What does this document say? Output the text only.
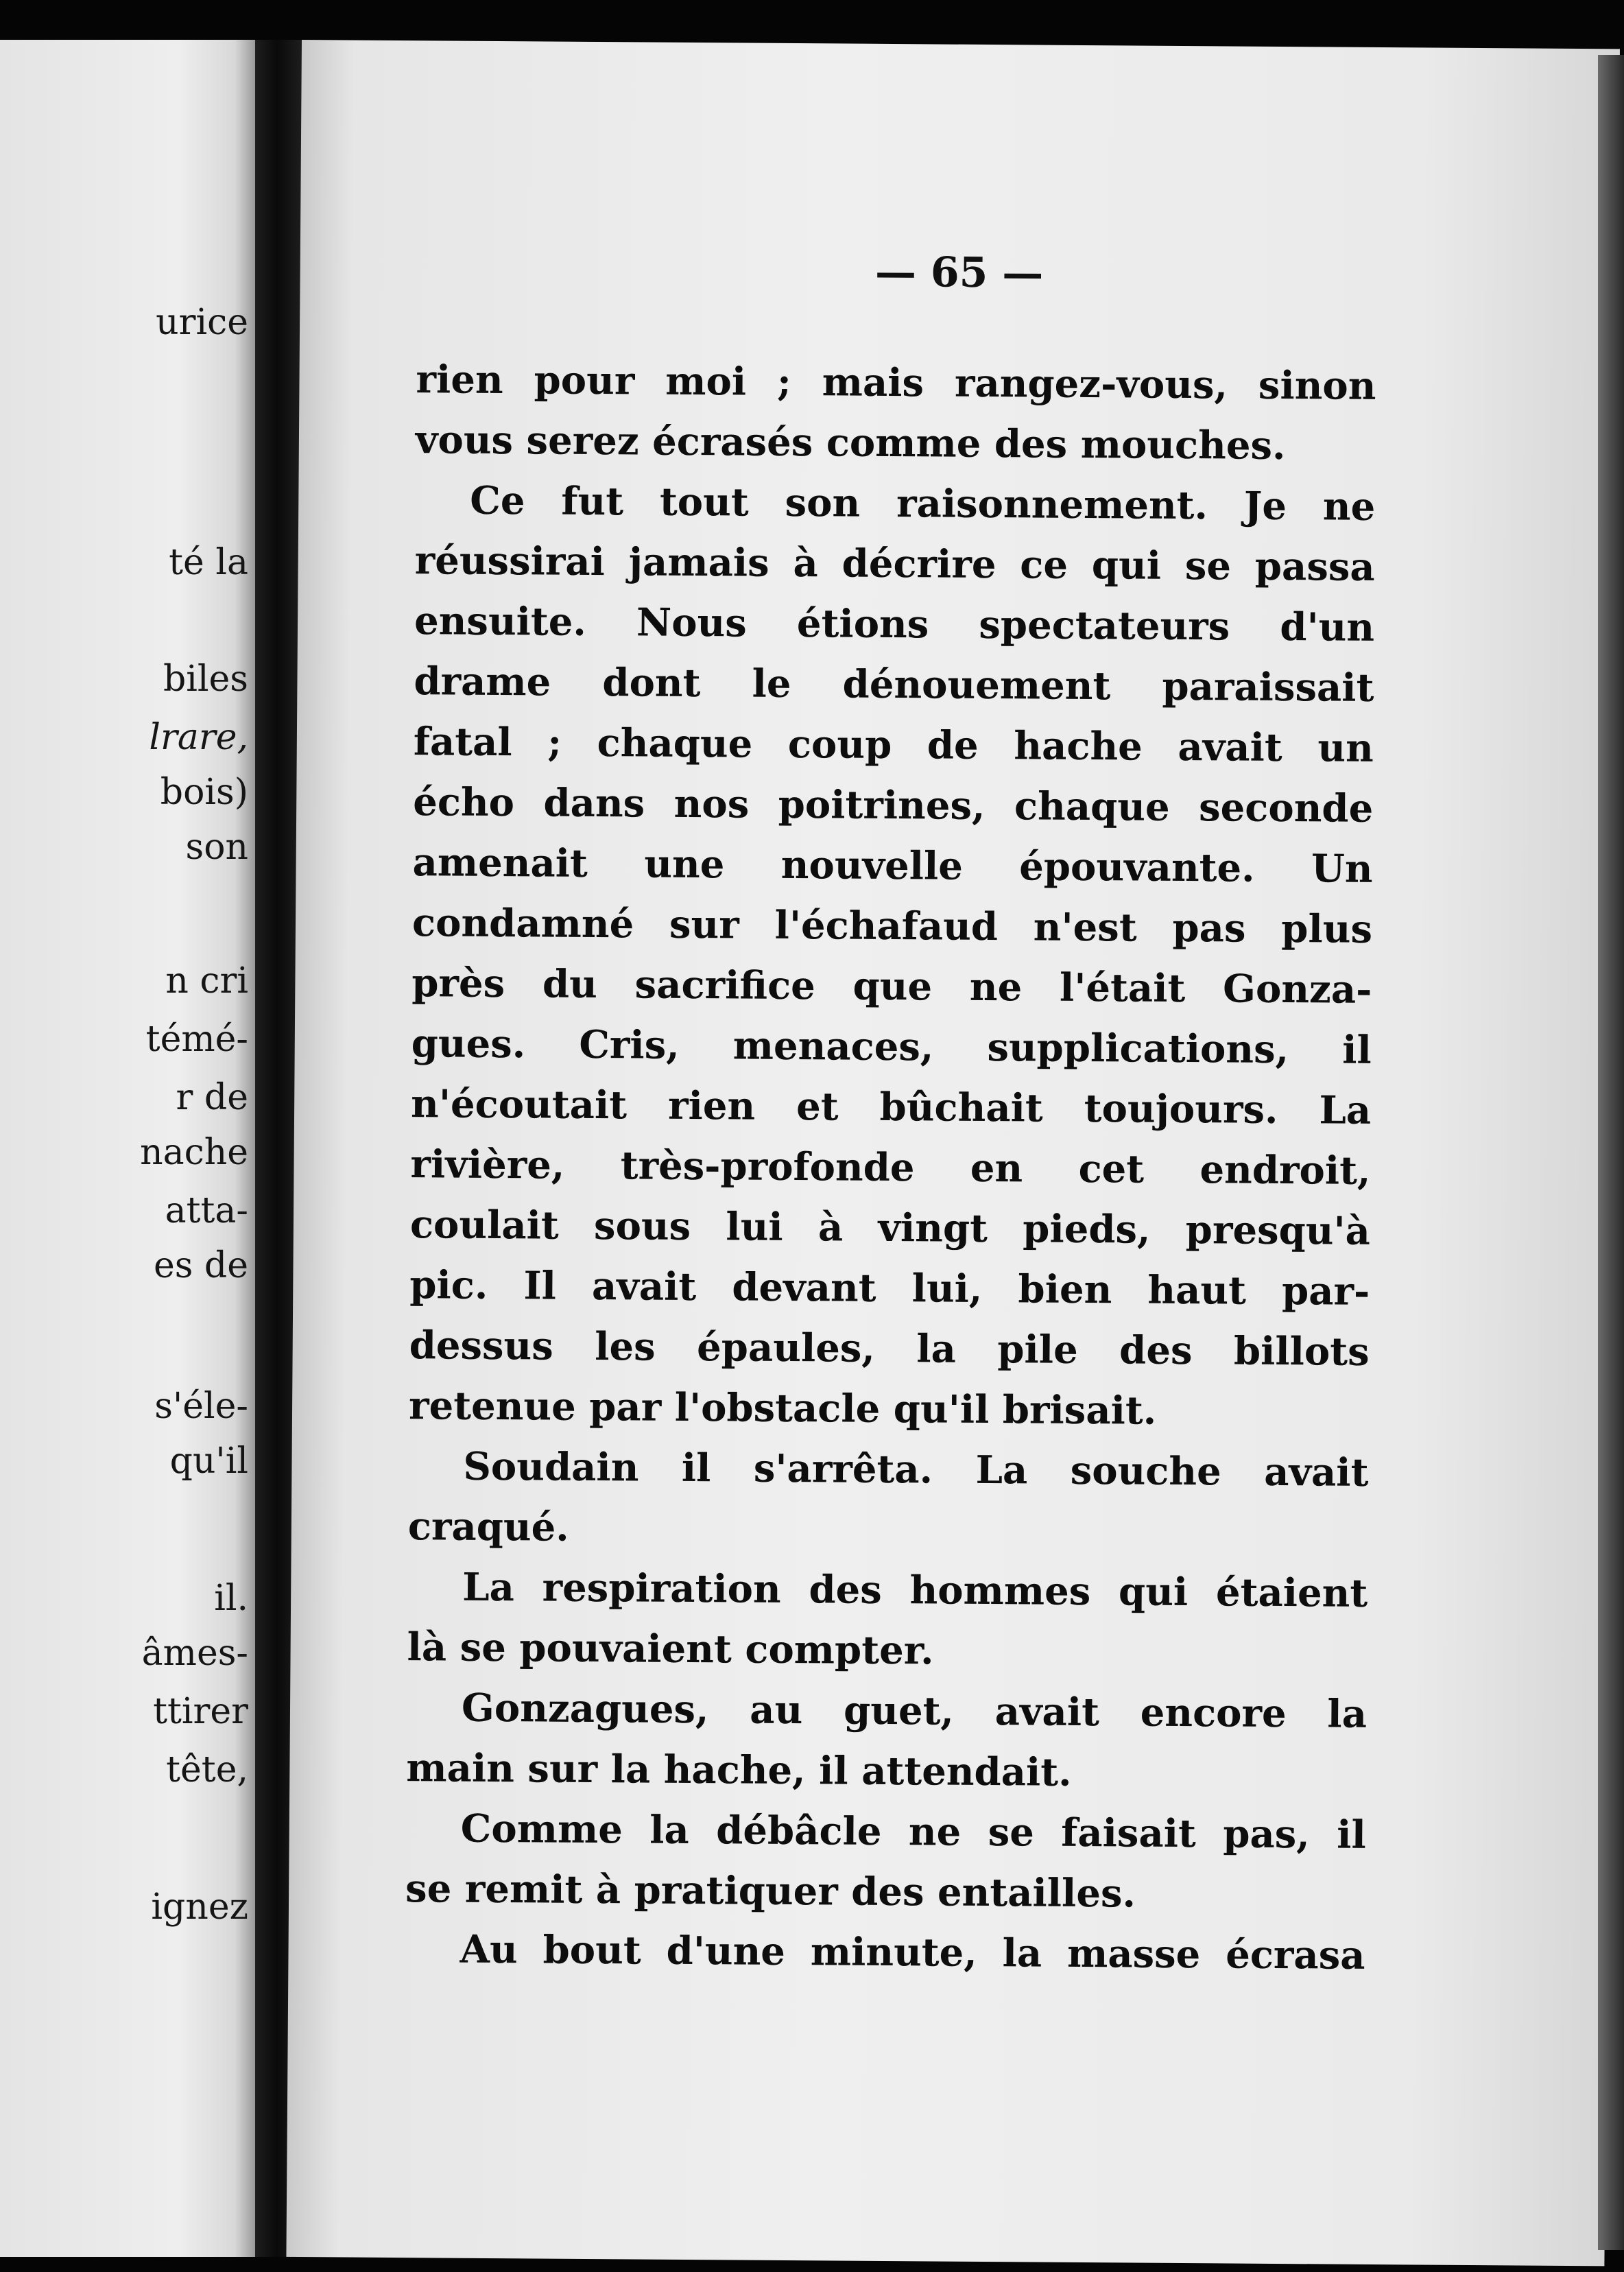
urice
té la
biles
lrare,
bois)
son
n cri
témé-
r de
nache
atta-
es de
s'éle-
qu'il
il.
âmes-
ttirer
tête,
ignez
— 65 —
rien pour moi ; mais rangez-vous, sinon
vous serez écrasés comme des mouches.
Ce fut tout son raisonnement. Je ne
réussirai jamais à décrire ce qui se passa
ensuite. Nous étions spectateurs d'un
drame dont le dénouement paraissait
fatal ; chaque coup de hache avait un
écho dans nos poitrines, chaque seconde
amenait une nouvelle épouvante. Un
condamné sur l'échafaud n'est pas plus
près du sacrifice que ne l'était Gonza-
gues. Cris, menaces, supplications, il
n'écoutait rien et bûchait toujours. La
rivière, très-profonde en cet endroit,
coulait sous lui à vingt pieds, presqu'à
pic. Il avait devant lui, bien haut par-
dessus les épaules, la pile des billots
retenue par l'obstacle qu'il brisait.
Soudain il s'arrêta. La souche avait
craqué.
La respiration des hommes qui étaient
là se pouvaient compter.
Gonzagues, au guet, avait encore la
main sur la hache, il attendait.
Comme la débâcle ne se faisait pas, il
se remit à pratiquer des entailles.
Au bout d'une minute, la masse écrasa
